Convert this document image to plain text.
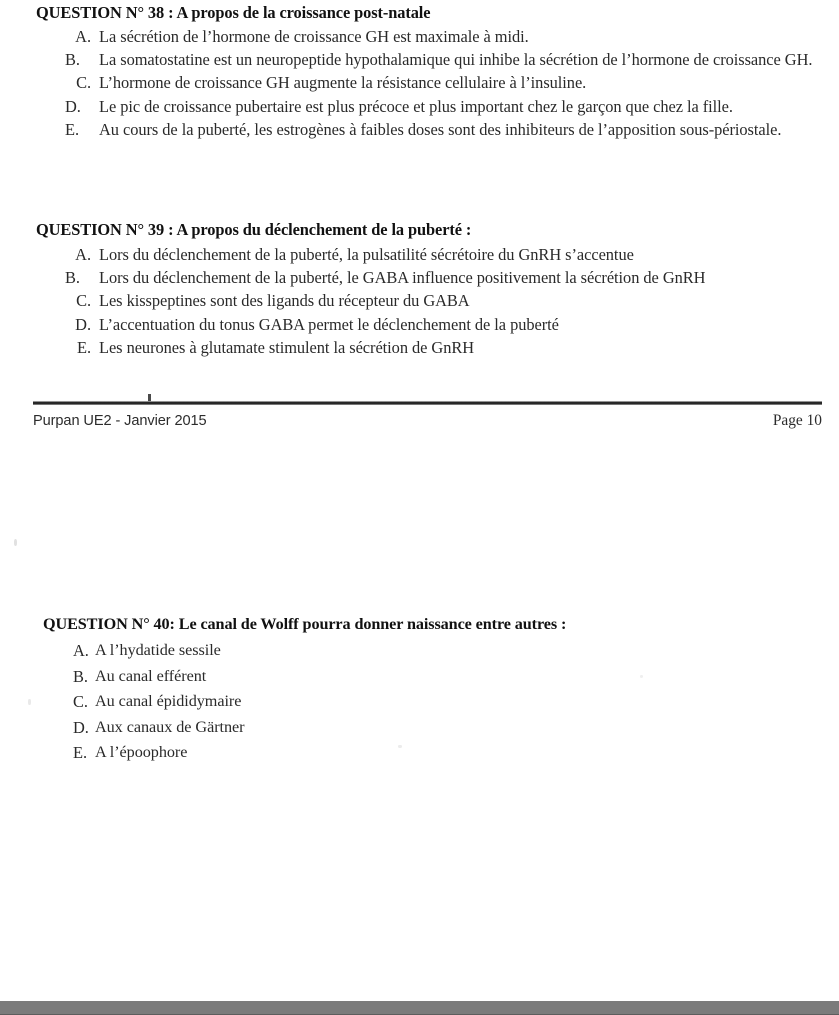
QUESTION N° 38 : A propos de la croissance post-natale
A. La sécrétion de l’hormone de croissance GH est maximale à midi.
B.	La somatostatine est un neuropeptide hypothalamique qui inhibe la sécrétion de l’hormone de croissance GH.
C. L’hormone de croissance GH augmente la résistance cellulaire à l’insuline.
D.	Le pic de croissance pubertaire est plus précoce et plus important chez le garçon que chez la fille.
E.	Au cours de la puberté, les estrogènes à faibles doses sont des inhibiteurs de l’apposition sous-périostale.
QUESTION N° 39 : A propos du déclenchement de la puberté :
A. Lors du déclenchement de la puberté, la pulsatilité sécrétoire du GnRH s’accentue
B.	Lors du déclenchement de la puberté, le GABA influence positivement la sécrétion de GnRH
C. Les kisspeptines sont des ligands du récepteur du GABA
D. L’accentuation du tonus GABA permet le déclenchement de la puberté
E. Les neurones à glutamate stimulent la sécrétion de GnRH
Purpan UE2 - Janvier 2015	Page 10
QUESTION N° 40: Le canal de Wolff pourra donner naissance entre autres :
A. A l’hydatide sessile
B. Au canal efférent
C. Au canal épididymaire
D. Aux canaux de Gärtner
E. A l’époophore
